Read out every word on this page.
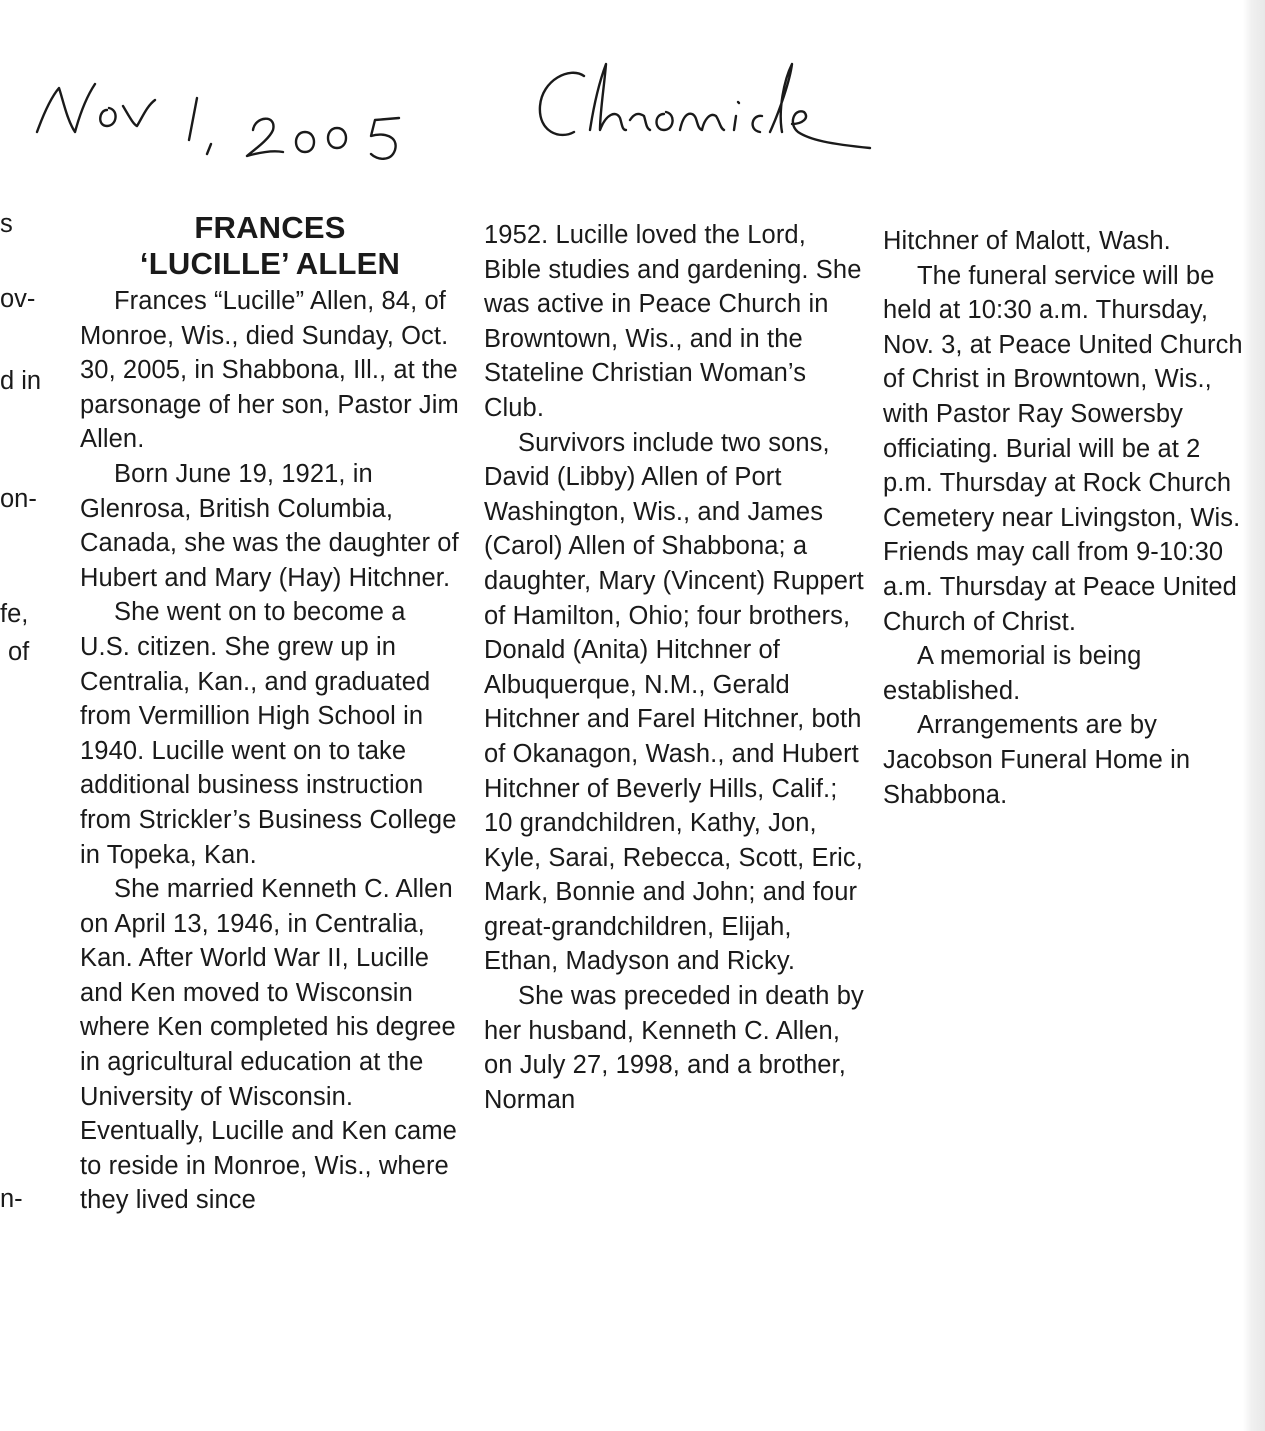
s
ov-
d in
on-
fe,
of
n-
FRANCES
‘LUCILLE’ ALLEN

Frances “Lucille” Allen, 84, of Monroe, Wis., died Sunday, Oct. 30, 2005, in Shabbona, Ill., at the parsonage of her son, Pastor Jim Allen.

Born June 19, 1921, in Glenrosa, British Columbia, Canada, she was the daughter of Hubert and Mary (Hay) Hitchner.

She went on to become a U.S. citizen. She grew up in Centralia, Kan., and graduated from Vermillion High School in 1940. Lucille went on to take additional business instruction from Strickler’s Business College in Topeka, Kan.

She married Kenneth C. Allen on April 13, 1946, in Centralia, Kan. After World War II, Lucille and Ken moved to Wisconsin where Ken completed his degree in agricultural education at the University of Wisconsin. Eventually, Lucille and Ken came to reside in Monroe, Wis., where they lived since

1952. Lucille loved the Lord, Bible studies and gardening. She was active in Peace Church in Browntown, Wis., and in the Stateline Christian Woman’s Club.

Survivors include two sons, David (Libby) Allen of Port Washington, Wis., and James (Carol) Allen of Shabbona; a daughter, Mary (Vincent) Ruppert of Hamilton, Ohio; four brothers, Donald (Anita) Hitchner of Albuquerque, N.M., Gerald Hitchner and Farel Hitchner, both of Okanagon, Wash., and Hubert Hitchner of Beverly Hills, Calif.; 10 grandchildren, Kathy, Jon, Kyle, Sarai, Rebecca, Scott, Eric, Mark, Bonnie and John; and four great-grandchildren, Elijah, Ethan, Madyson and Ricky.

She was preceded in death by her husband, Kenneth C. Allen, on July 27, 1998, and a brother, Norman

Hitchner of Malott, Wash.

The funeral service will be held at 10:30 a.m. Thursday, Nov. 3, at Peace United Church of Christ in Browntown, Wis., with Pastor Ray Sowersby officiating. Burial will be at 2 p.m. Thursday at Rock Church Cemetery near Livingston, Wis. Friends may call from 9-10:30 a.m. Thursday at Peace United Church of Christ.

A memorial is being established.

Arrangements are by Jacobson Funeral Home in Shabbona.
